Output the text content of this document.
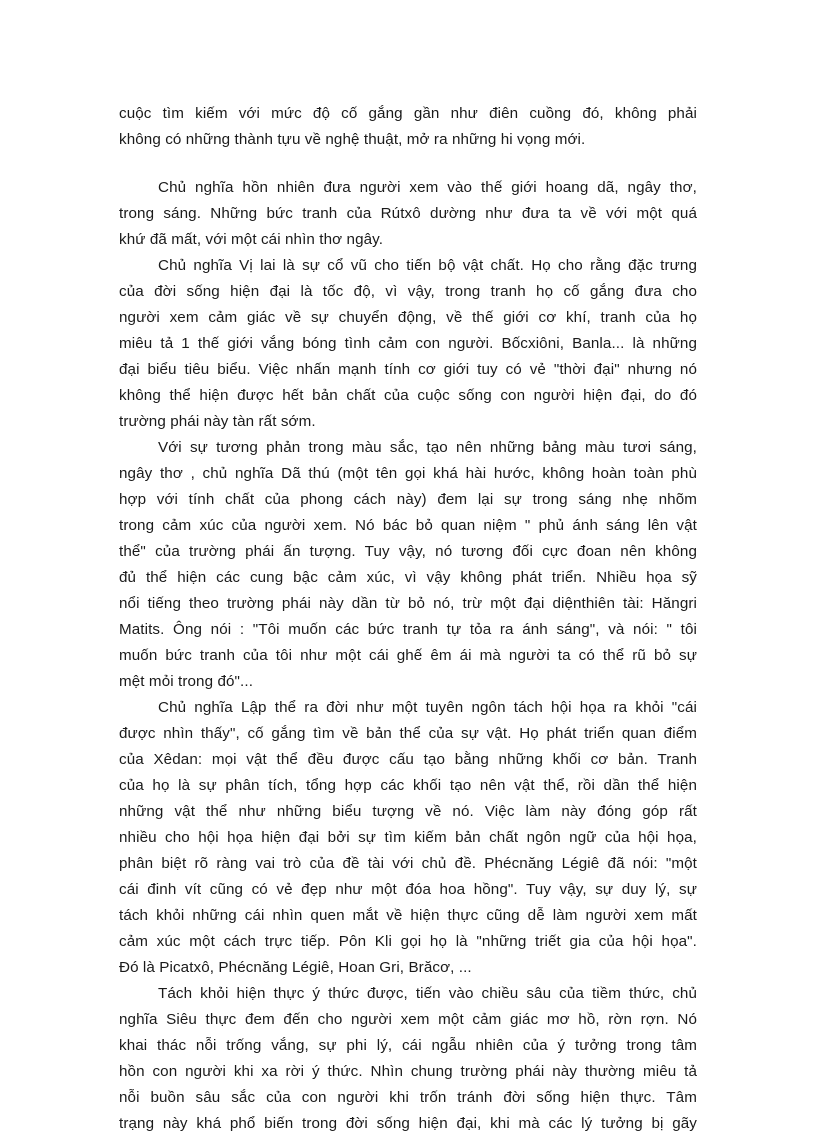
cuộc tìm kiếm với mức độ cố gắng gần như điên cuồng đó, không phải
không có những thành tựu về nghệ thuật, mở ra những hi vọng mới.
Chủ nghĩa hồn nhiên đưa người xem vào thế giới hoang dã, ngây thơ,
trong sáng. Những bức tranh của Rútxô dường như đưa ta về với một quá
khứ đã mất, với một cái nhìn thơ ngây.
Chủ nghĩa Vị lai là sự cổ vũ cho tiến bộ vật chất. Họ cho rằng đặc trưng
của đời sống hiện đại là tốc độ, vì vậy, trong tranh họ cố gắng đưa cho
người xem cảm giác về sự chuyển động, về thế giới cơ khí, tranh của họ
miêu tả 1 thế giới vắng bóng tình cảm con người. Bốcxiôni, Banla... là những
đại biểu tiêu biểu. Việc nhấn mạnh tính cơ giới tuy có vẻ "thời đại" nhưng nó
không thể hiện được hết bản chất của cuộc sống con người hiện đại, do đó
trường phái này tàn rất sớm.
Với sự tương phản trong màu sắc, tạo nên những bảng màu tươi sáng,
ngây thơ , chủ nghĩa Dã thú (một tên gọi khá hài hước, không hoàn toàn phù
hợp với tính chất của phong cách này) đem lại sự trong sáng nhẹ nhõm
trong cảm xúc của người xem. Nó bác bỏ quan niệm " phủ ánh sáng lên vật
thể" của trường phái ấn tượng. Tuy vậy, nó tương đối cực đoan nên không
đủ thể hiện các cung bậc cảm xúc, vì vậy không phát triển. Nhiều họa sỹ
nổi tiếng theo trường phái này dần từ bỏ nó, trừ một đại diệnthiên tài: Hăngri
Matits. Ông nói : "Tôi muốn các bức tranh tự tỏa ra ánh sáng", và nói: " tôi
muốn bức tranh của tôi như một cái ghế êm ái mà người ta có thể rũ bỏ sự
mệt mỏi trong đó"...
Chủ nghĩa Lập thể ra đời như một tuyên ngôn tách hội họa ra khỏi "cái
được nhìn thấy", cố gắng tìm về bản thể của sự vật. Họ phát triển quan điểm
của Xêdan: mọi vật thể đều được cấu tạo bằng những khối cơ bản. Tranh
của họ là sự phân tích, tổng hợp các khối tạo nên vật thể, rồi dần thể hiện
những vật thể như những biểu tượng về nó. Việc làm này đóng góp rất
nhiều cho hội họa hiện đại bởi sự tìm kiếm bản chất ngôn ngữ của hội họa,
phân biệt rõ ràng vai trò của đề tài với chủ đề. Phécnăng Légiê đã nói: "một
cái đinh vít cũng có vẻ đẹp như một đóa hoa hồng". Tuy vậy, sự duy lý, sự
tách khỏi những cái nhìn quen mắt về hiện thực cũng dễ làm người xem mất
cảm xúc một cách trực tiếp. Pôn Kli gọi họ là "những triết gia của hội họa".
Đó là Picatxô, Phécnăng Légiê, Hoan Gri, Brăcơ, ...
Tách khỏi hiện thực ý thức được, tiến vào chiều sâu của tiềm thức, chủ
nghĩa Siêu thực đem đến cho người xem một cảm giác mơ hồ, rờn rợn. Nó
khai thác nỗi trống vắng, sự phi lý, cái ngẫu nhiên của ý tưởng trong tâm
hồn con người khi xa rời ý thức. Nhìn chung trường phái này thường miêu tả
nỗi buồn sâu sắc của con người khi trốn tránh đời sống hiện thực. Tâm
trạng này khá phổ biến trong đời sống hiện đại, khi mà các lý tưởng bị gãy
